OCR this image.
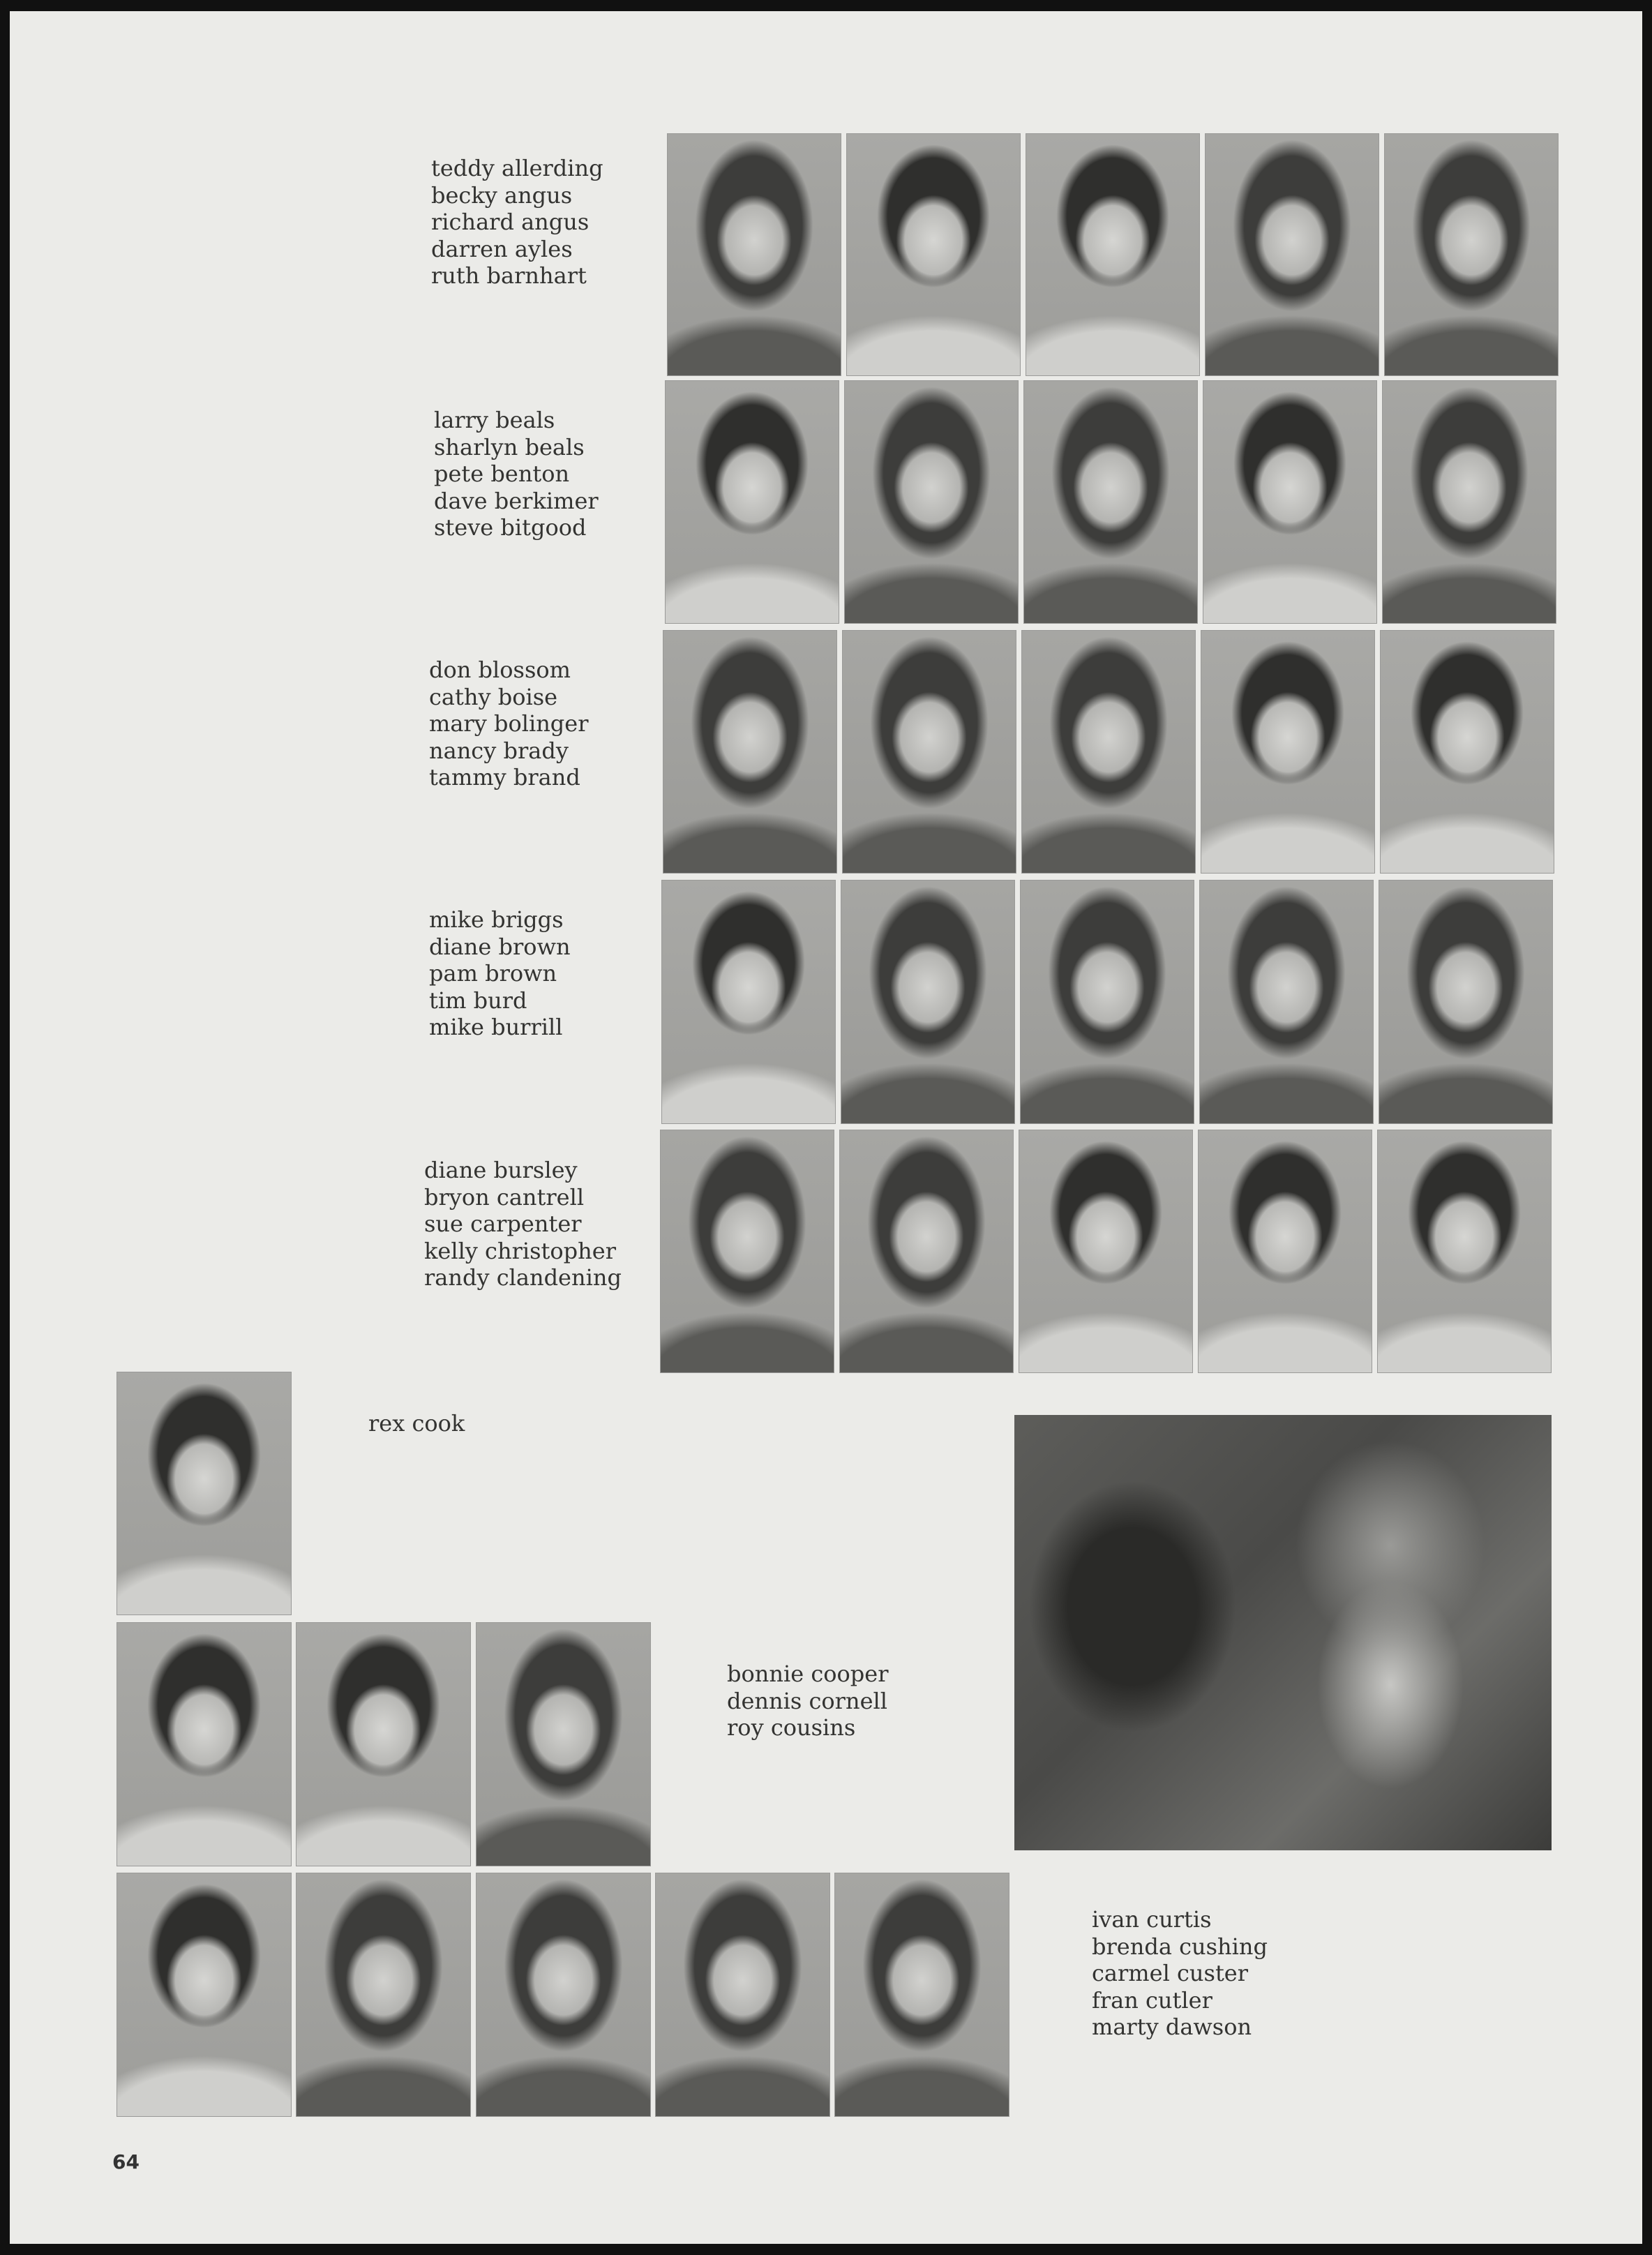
teddy allerding
becky angus
richard angus
darren ayles
ruth barnhart
larry beals
sharlyn beals
pete benton
dave berkimer
steve bitgood
don blossom
cathy boise
mary bolinger
nancy brady
tammy brand
mike briggs
diane brown
pam brown
tim burd
mike burrill
diane bursley
bryon cantrell
sue carpenter
kelly christopher
randy clandening
rex cook
bonnie cooper
dennis cornell
roy cousins
ivan curtis
brenda cushing
carmel custer
fran cutler
marty dawson
64
